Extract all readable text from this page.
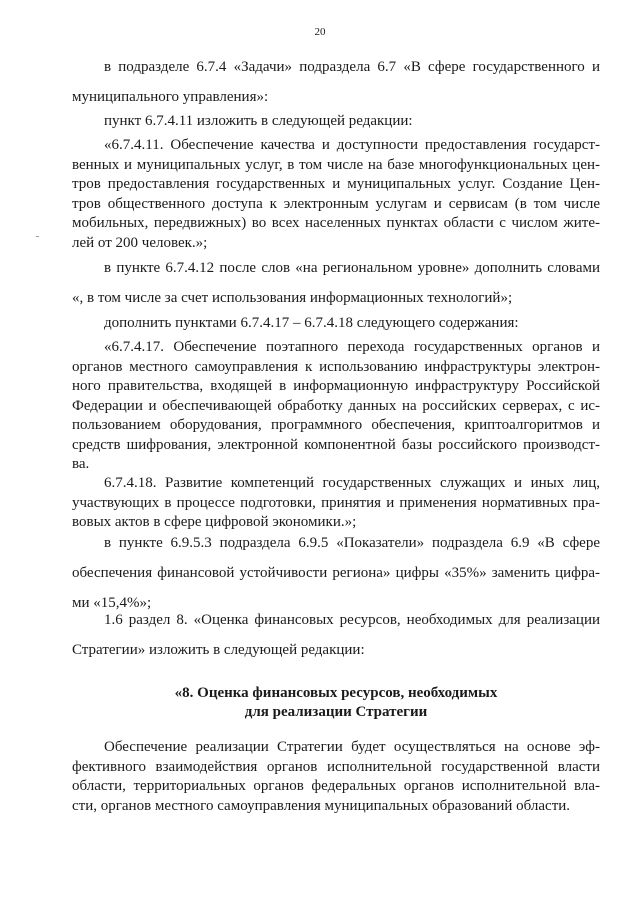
20

в подразделе 6.7.4 «Задачи» подраздела 6.7 «В сфере государственного и
муниципального управления»:

пункт 6.7.4.11 изложить в следующей редакции:

«6.7.4.11. Обеспечение качества и доступности предоставления государст-
венных и муниципальных услуг, в том числе на базе многофункциональных цен-
тров предоставления государственных и муниципальных услуг. Создание Цен-
тров общественного доступа к электронным услугам и сервисам (в том числе
мобильных, передвижных) во всех населенных пунктах области с числом жите-
лей от 200 человек.»;

в пункте 6.7.4.12 после слов «на региональном уровне» дополнить словами
«, в том числе за счет использования информационных технологий»;

дополнить пунктами 6.7.4.17 – 6.7.4.18 следующего содержания:

«6.7.4.17. Обеспечение поэтапного перехода государственных органов и
органов местного самоуправления к использованию инфраструктуры электрон-
ного правительства, входящей в информационную инфраструктуру Российской
Федерации и обеспечивающей обработку данных на российских серверах, с ис-
пользованием оборудования, программного обеспечения, криптоалгоритмов и
средств шифрования, электронной компонентной базы российского производст-
ва.

6.7.4.18. Развитие компетенций государственных служащих и иных лиц,
участвующих в процессе подготовки, принятия и применения нормативных пра-
вовых актов в сфере цифровой экономики.»;

в пункте 6.9.5.3 подраздела 6.9.5 «Показатели» подраздела 6.9 «В сфере
обеспечения финансовой устойчивости региона» цифры «35%» заменить цифра-
ми «15,4%»;

1.6 раздел 8. «Оценка финансовых ресурсов, необходимых для реализации
Стратегии» изложить в следующей редакции:

«8. Оценка финансовых ресурсов, необходимых
для реализации Стратегии

Обеспечение реализации Стратегии будет осуществляться на основе эф-
фективного взаимодействия органов исполнительной государственной власти
области, территориальных органов федеральных органов исполнительной вла-
сти, органов местного самоуправления муниципальных образований области.
